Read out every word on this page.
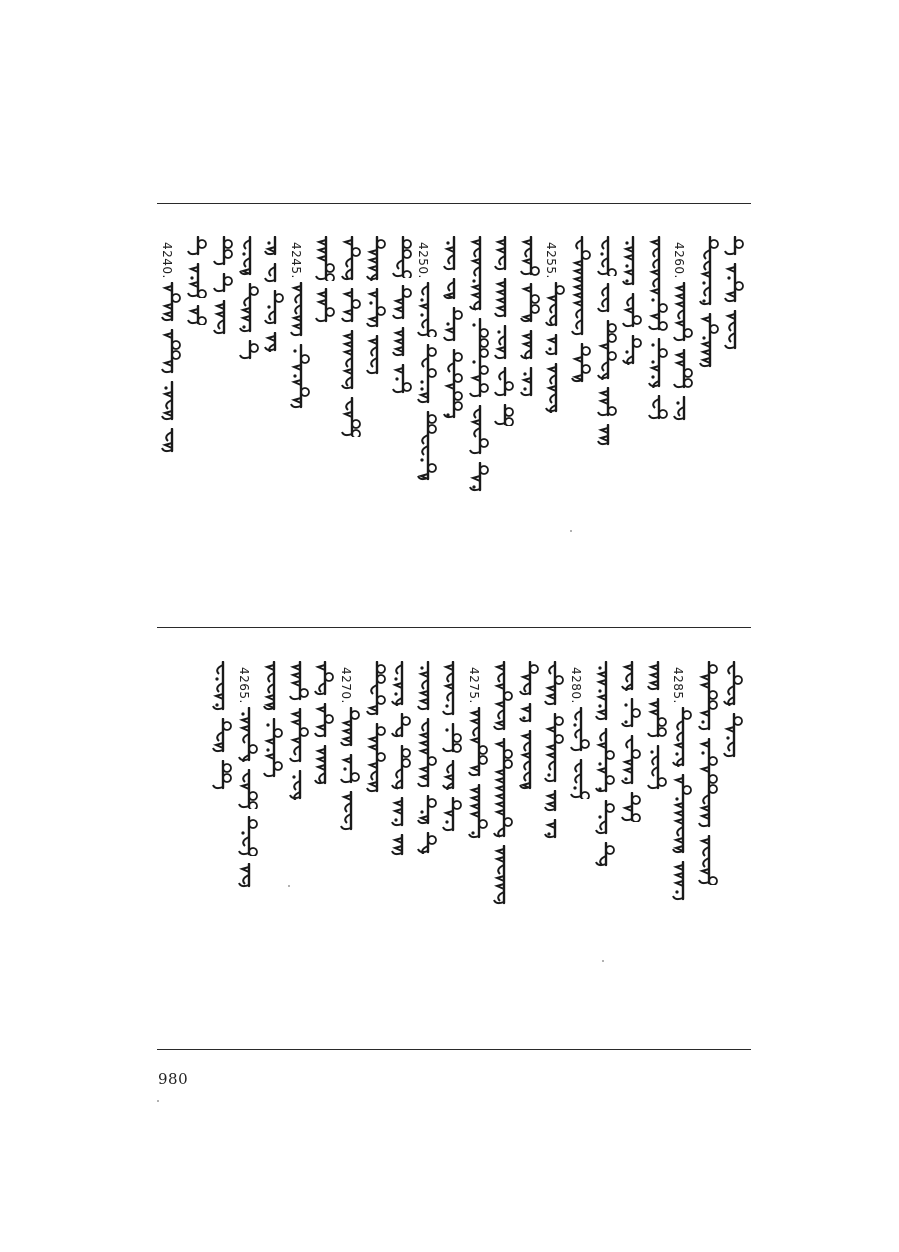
4260.
4255.
4250.
4245.
4240.
4285.
4280.
4275.
4270.
4265.
980
